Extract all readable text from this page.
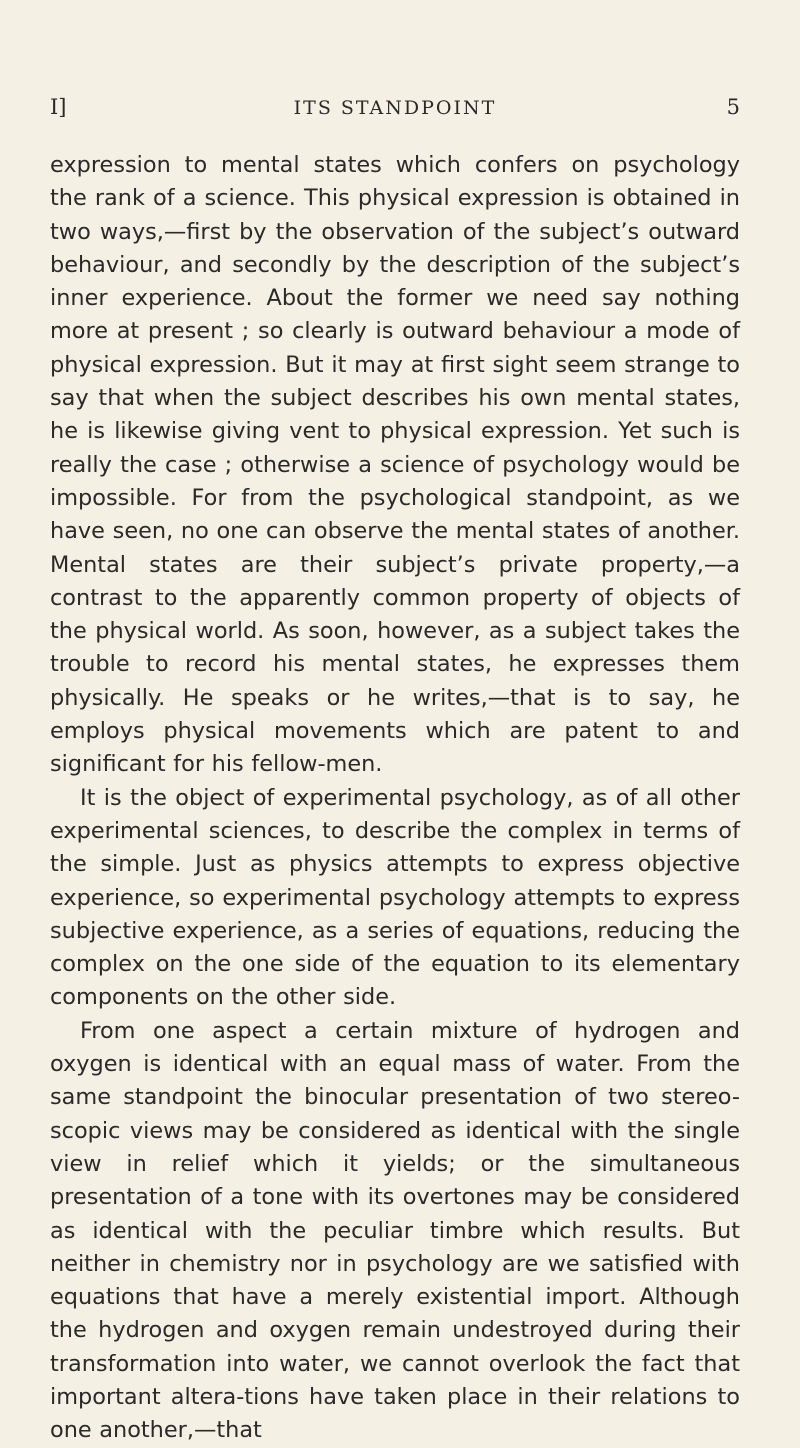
I]	ITS STANDPOINT	5

expression to mental states which confers on psychology the rank of a science. This physical expression is obtained in two ways,—first by the observation of the subject’s outward behaviour, and secondly by the description of the subject’s inner experience. About the former we need say nothing more at present ; so clearly is outward behaviour a mode of physical expression. But it may at first sight seem strange to say that when the subject describes his own mental states, he is likewise giving vent to physical expression. Yet such is really the case ; otherwise a science of psychology would be impossible. For from the psychological standpoint, as we have seen, no one can observe the mental states of another. Mental states are their subject’s private property,—a contrast to the apparently common property of objects of the physical world. As soon, however, as a subject takes the trouble to record his mental states, he expresses them physically. He speaks or he writes,—that is to say, he employs physical movements which are patent to and significant for his fellow-men.

It is the object of experimental psychology, as of all other experimental sciences, to describe the complex in terms of the simple. Just as physics attempts to express objective experience, so experimental psychology attempts to express subjective experience, as a series of equations, reducing the complex on the one side of the equation to its elementary components on the other side.

From one aspect a certain mixture of hydrogen and oxygen is identical with an equal mass of water. From the same standpoint the binocular presentation of two stereo-scopic views may be considered as identical with the single view in relief which it yields; or the simultaneous presentation of a tone with its overtones may be considered as identical with the peculiar timbre which results. But neither in chemistry nor in psychology are we satisfied with equations that have a merely existential import. Although the hydrogen and oxygen remain undestroyed during their transformation into water, we cannot overlook the fact that important altera-tions have taken place in their relations to one another,—that
